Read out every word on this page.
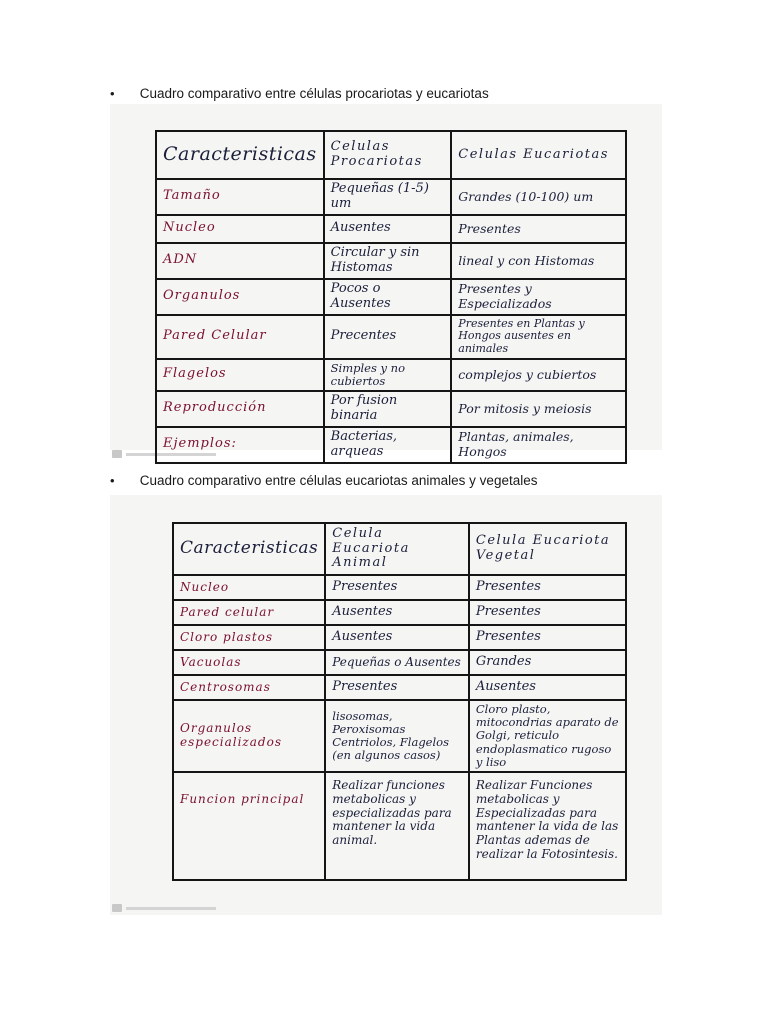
• Cuadro comparativo entre células procariotas y eucariotas
Caracteristicas	Celulas Procariotas	Celulas Eucariotas
Tamaño	Pequeñas (1-5) um	Grandes (10-100) um
Nucleo	Ausentes	Presentes
ADN	Circular y sin Histomas	lineal y con Histomas
Organulos	Pocos o Ausentes	Presentes y Especializados
Pared Celular	Precentes	Presentes en Plantas y Hongos ausentes en animales
Flagelos	Simples y no cubiertos	complejos y cubiertos
Reproducción	Por fusion binaria	Por mitosis y meiosis
Ejemplos:	Bacterias, arqueas	Plantas, animales, Hongos
• Cuadro comparativo entre células eucariotas animales y vegetales
Caracteristicas	Celula Eucariota Animal	Celula Eucariota Vegetal
Nucleo	Presentes	Presentes
Pared celular	Ausentes	Presentes
Cloro plastos	Ausentes	Presentes
Vacuolas	Pequeñas o Ausentes	Grandes
Centrosomas	Presentes	Ausentes
Organulos especializados	lisosomas, Peroxisomas Centriolos, Flagelos (en algunos casos)	Cloro plasto, mitocondrias aparato de Golgi, reticulo endoplasmatico rugoso y liso
Funcion principal	Realizar funciones metabolicas y especializadas para mantener la vida animal.	Realizar Funciones metabolicas y Especializadas para mantener la vida de las Plantas ademas de realizar la Fotosintesis.
